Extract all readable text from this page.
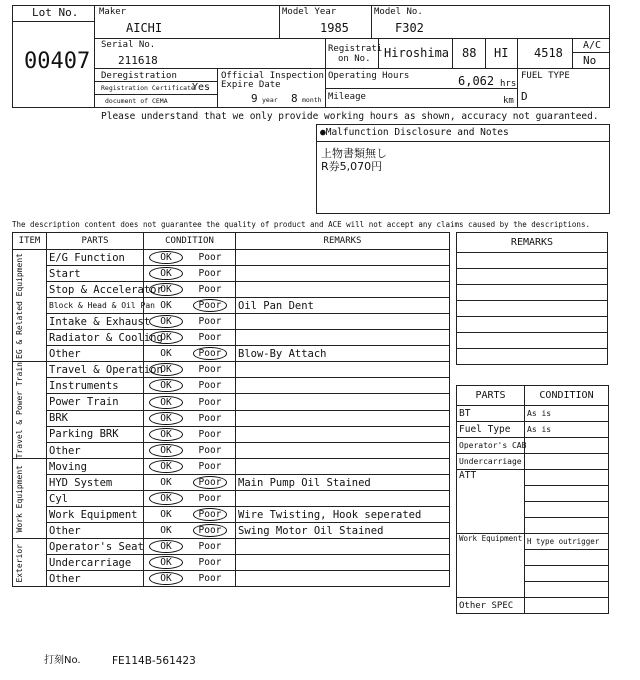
Lot No.
00407
Maker
AICHI
Model Year
1985
Model No.
F302
Serial No.
211618
Registrati
on No. Hiroshima 88 HI 4518
A/C
No
Deregistration
Registration Certificate
Yes
document of CEMA
Official Inspection
Expire Date
9 year 8 month
Operating Hours	6,062 hrs
Mileage	km
FUEL TYPE
D
Please understand that we only provide working hours as shown, accuracy not guaranteed.
●Malfunction Disclosure and Notes
上物書類無し
R券5,070円
The description content does not guarantee the quality of product and ACE will not accept any claims caused by the descriptions.
ITEM	PARTS	CONDITION	REMARKS

EG & Related Equipment	E/G Function	OK Poor	

	Start	OK Poor	

	Stop & Accelerator	OK Poor	

	Block & Head & Oil Pan	OK Poor	Oil Pan Dent
	Intake & Exhaust	OK Poor	

	Radiator & Cooling	OK Poor	

	Other	OK Poor	Blow-By Attach

Travel & Power Train	Travel & Operation	OK Poor	

	Instruments	OK Poor	

	Power Train	OK Poor	

	BRK	OK Poor	

	Parking BRK	OK Poor	

	Other	OK Poor	

Work Equipment	Moving	OK Poor	

	HYD System	OK Poor	Main Pump Oil Stained
	Cyl	OK Poor	

	Work Equipment	OK Poor	Wire Twisting, Hook seperated
	Other	OK Poor	Swing Motor Oil Stained

Exterior	Operator's Seat	OK Poor	

	Undercarriage	OK Poor	

	Other	OK Poor	

REMARKS

PARTS	CONDITION
BT	As is
Fuel Type	As is
Operator's CAB	
Undercarriage	
ATT	

Work Equipment	H type outrigger

Other SPEC	
打刻No.	FE114B-561423
